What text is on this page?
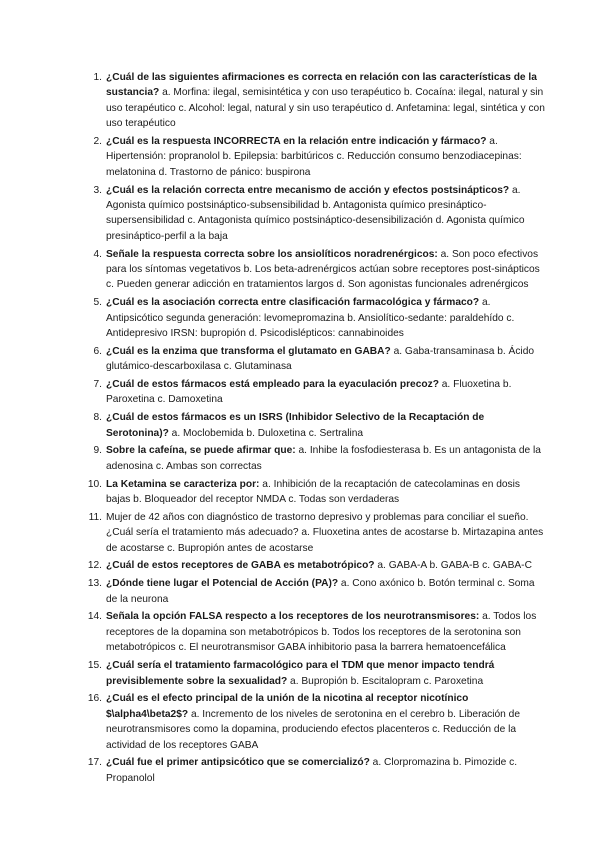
1. ¿Cuál de las siguientes afirmaciones es correcta en relación con las características de la sustancia? a. Morfina: ilegal, semisintética y con uso terapéutico b. Cocaína: ilegal, natural y sin uso terapéutico c. Alcohol: legal, natural y sin uso terapéutico d. Anfetamina: legal, sintética y con uso terapéutico
2. ¿Cuál es la respuesta INCORRECTA en la relación entre indicación y fármaco? a. Hipertensión: propranolol b. Epilepsia: barbitúricos c. Reducción consumo benzodiacepinas: melatonina d. Trastorno de pánico: buspirona
3. ¿Cuál es la relación correcta entre mecanismo de acción y efectos postsinápticos? a. Agonista químico postsináptico-subsensibilidad b. Antagonista químico presináptico-supersensibilidad c. Antagonista químico postsináptico-desensibilización d. Agonista químico presináptico-perfil a la baja
4. Señale la respuesta correcta sobre los ansiolíticos noradrenérgicos: a. Son poco efectivos para los síntomas vegetativos b. Los beta-adrenérgicos actúan sobre receptores post-sinápticos c. Pueden generar adicción en tratamientos largos d. Son agonistas funcionales adrenérgicos
5. ¿Cuál es la asociación correcta entre clasificación farmacológica y fármaco? a. Antipsicótico segunda generación: levomepromazina b. Ansiolítico-sedante: paraldehído c. Antidepresivo IRSN: bupropión d. Psicodislépticos: cannabinoides
6. ¿Cuál es la enzima que transforma el glutamato en GABA? a. Gaba-transaminasa b. Ácido glutámico-descarboxilasa c. Glutaminasa
7. ¿Cuál de estos fármacos está empleado para la eyaculación precoz? a. Fluoxetina b. Paroxetina c. Damoxetina
8. ¿Cuál de estos fármacos es un ISRS (Inhibidor Selectivo de la Recaptación de Serotonina)? a. Moclobemida b. Duloxetina c. Sertralina
9. Sobre la cafeína, se puede afirmar que: a. Inhibe la fosfodiesterasa b. Es un antagonista de la adenosina c. Ambas son correctas
10. La Ketamina se caracteriza por: a. Inhibición de la recaptación de catecolaminas en dosis bajas b. Bloqueador del receptor NMDA c. Todas son verdaderas
11. Mujer de 42 años con diagnóstico de trastorno depresivo y problemas para conciliar el sueño. ¿Cuál sería el tratamiento más adecuado? a. Fluoxetina antes de acostarse b. Mirtazapina antes de acostarse c. Bupropión antes de acostarse
12. ¿Cuál de estos receptores de GABA es metabotrópico? a. GABA-A b. GABA-B c. GABA-C
13. ¿Dónde tiene lugar el Potencial de Acción (PA)? a. Cono axónico b. Botón terminal c. Soma de la neurona
14. Señala la opción FALSA respecto a los receptores de los neurotransmisores: a. Todos los receptores de la dopamina son metabotrópicos b. Todos los receptores de la serotonina son metabotrópicos c. El neurotransmisor GABA inhibitorio pasa la barrera hematoencefálica
15. ¿Cuál sería el tratamiento farmacológico para el TDM que menor impacto tendrá previsiblemente sobre la sexualidad? a. Bupropión b. Escitalopram c. Paroxetina
16. ¿Cuál es el efecto principal de la unión de la nicotina al receptor nicotínico $\alpha4\beta2$? a. Incremento de los niveles de serotonina en el cerebro b. Liberación de neurotransmisores como la dopamina, produciendo efectos placenteros c. Reducción de la actividad de los receptores GABA
17. ¿Cuál fue el primer antipsicótico que se comercializó? a. Clorpromazina b. Pimozide c. Propanolol
